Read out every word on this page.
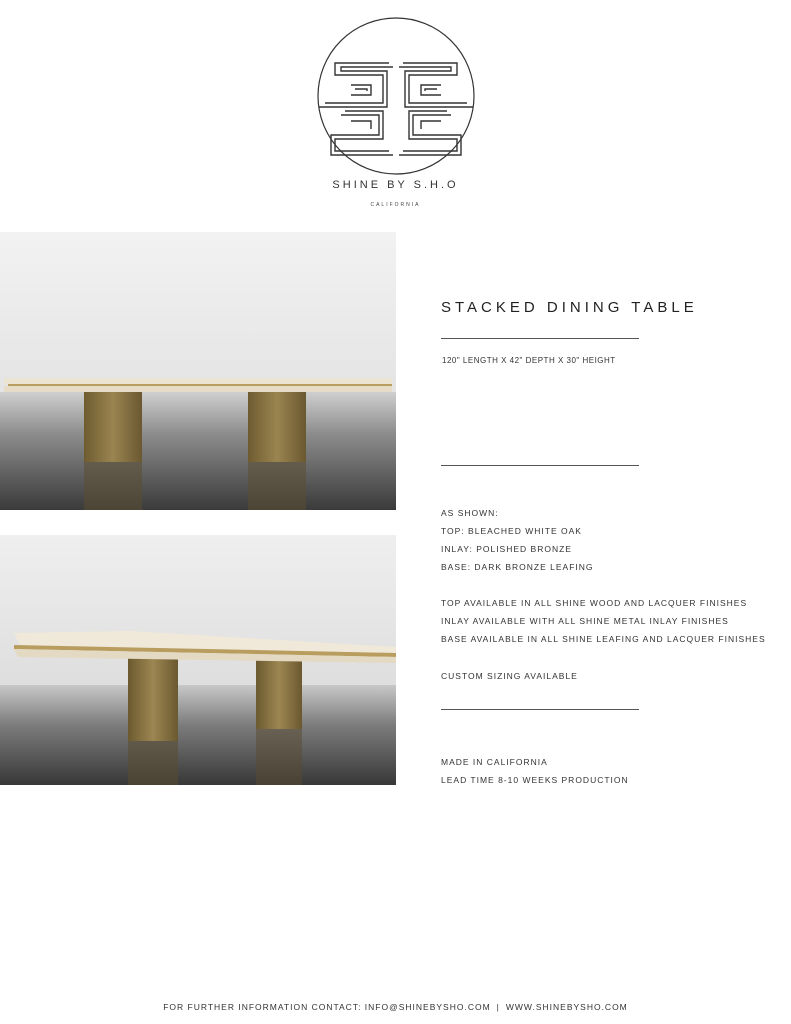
SHINE BY S.H.O
CALIFORNIA
STACKED DINING TABLE
120" LENGTH X 42" DEPTH X 30" HEIGHT
AS SHOWN:
TOP: BLEACHED WHITE OAK
INLAY: POLISHED BRONZE
BASE: DARK BRONZE LEAFING
TOP AVAILABLE IN ALL SHINE WOOD AND LACQUER FINISHES
INLAY AVAILABLE WITH ALL SHINE METAL INLAY FINISHES
BASE AVAILABLE IN ALL SHINE LEAFING AND LACQUER FINISHES
CUSTOM SIZING AVAILABLE
MADE IN CALIFORNIA
LEAD TIME 8-10 WEEKS PRODUCTION
FOR FURTHER INFORMATION CONTACT: INFO@SHINEBYSHO.COM | WWW.SHINEBYSHO.COM
